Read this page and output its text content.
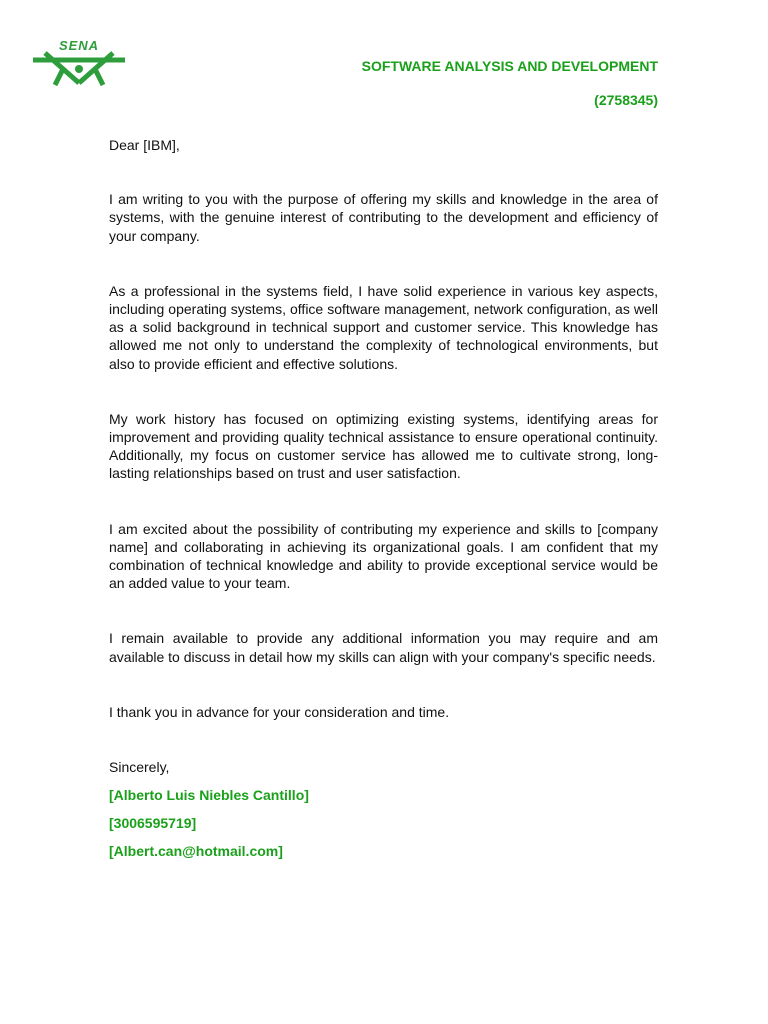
SENA
SOFTWARE ANALYSIS AND DEVELOPMENT
(2758345)

Dear [IBM],

I am writing to you with the purpose of offering my skills and knowledge in the area of systems, with the genuine interest of contributing to the development and efficiency of your company.

As a professional in the systems field, I have solid experience in various key aspects, including operating systems, office software management, network configuration, as well as a solid background in technical support and customer service. This knowledge has allowed me not only to understand the complexity of technological environments, but also to provide efficient and effective solutions.

My work history has focused on optimizing existing systems, identifying areas for improvement and providing quality technical assistance to ensure operational continuity. Additionally, my focus on customer service has allowed me to cultivate strong, long-lasting relationships based on trust and user satisfaction.

I am excited about the possibility of contributing my experience and skills to [company name] and collaborating in achieving its organizational goals. I am confident that my combination of technical knowledge and ability to provide exceptional service would be an added value to your team.

I remain available to provide any additional information you may require and am available to discuss in detail how my skills can align with your company's specific needs.

I thank you in advance for your consideration and time.

Sincerely,

[Alberto Luis Niebles Cantillo]

[3006595719]

[Albert.can@hotmail.com]
